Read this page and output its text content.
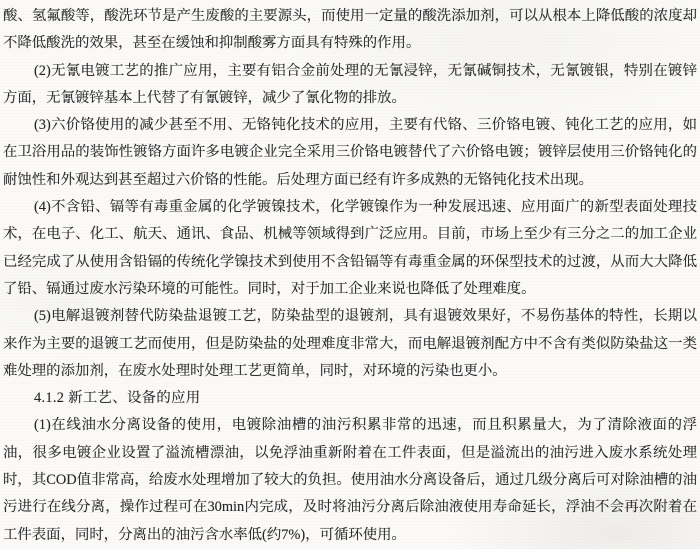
酸、氢氟酸等，酸洗环节是产生废酸的主要源头，而使用一定量的酸洗添加剂，可以从根本上降低酸的浓度却
不降低酸洗的效果，甚至在缓蚀和抑制酸雾方面具有特殊的作用。
(2)无氰电镀工艺的推广应用，主要有铝合金前处理的无氰浸锌，无氰碱铜技术，无氰镀银，特别在镀锌
方面，无氰镀锌基本上代替了有氰镀锌，减少了氰化物的排放。
(3)六价铬使用的减少甚至不用、无铬钝化技术的应用，主要有代铬、三价铬电镀、钝化工艺的应用，如
在卫浴用品的装饰性镀铬方面许多电镀企业完全采用三价铬电镀替代了六价铬电镀；镀锌层使用三价铬钝化的
耐蚀性和外观达到甚至超过六价铬的性能。后处理方面已经有许多成熟的无铬钝化技术出现。
(4)不含铅、镉等有毒重金属的化学镀镍技术，化学镀镍作为一种发展迅速、应用面广的新型表面处理技
术，在电子、化工、航天、通讯、食品、机械等领域得到广泛应用。目前，市场上至少有三分之二的加工企业
已经完成了从使用含铅镉的传统化学镍技术到使用不含铅镉等有毒重金属的环保型技术的过渡，从而大大降低
了铅、镉通过废水污染环境的可能性。同时，对于加工企业来说也降低了处理难度。
(5)电解退镀剂替代防染盐退镀工艺，防染盐型的退镀剂，具有退镀效果好，不易伤基体的特性，长期以
来作为主要的退镀工艺而使用，但是防染盐的处理难度非常大，而电解退镀剂配方中不含有类似防染盐这一类
难处理的添加剂，在废水处理时处理工艺更简单，同时，对环境的污染也更小。
4.1.2 新工艺、设备的应用
(1)在线油水分离设备的使用，电镀除油槽的油污积累非常的迅速，而且积累量大，为了清除液面的浮
油，很多电镀企业设置了溢流槽漂油，以免浮油重新附着在工件表面，但是溢流出的油污进入废水系统处理
时，其COD值非常高，给废水处理增加了较大的负担。使用油水分离设备后，通过几级分离后可对除油槽的油
污进行在线分离，操作过程可在30min内完成，及时将油污分离后除油液使用寿命延长，浮油不会再次附着在
工件表面，同时，分离出的油污含水率低(约7%)，可循环使用。
